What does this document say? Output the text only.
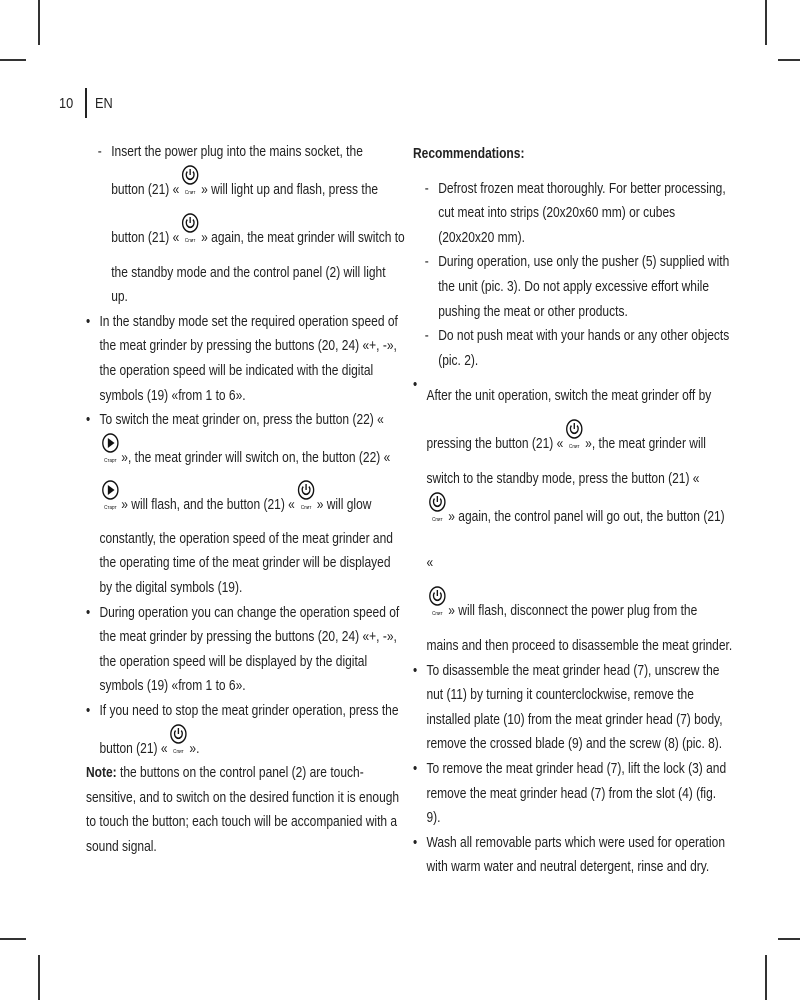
10 EN
- Insert the power plug into the mains socket, the
button (21) « Спит » will light up and flash, press the
button (21) « Спит » again, the meat grinder will switch to the standby mode and the control panel (2) will light up.
• In the standby mode set the required operation speed of the meat grinder by pressing the buttons (20, 24) «+, -», the operation speed will be indicated with the digital symbols (19) «from 1 to 6».
• To switch the meat grinder on, press the button (22) «

Старт », the meat grinder will switch on, the button (22) «

Старт » will flash, and the button (21) « Спит » will glow constantly, the operation speed of the meat grinder and the operating time of the meat grinder will be displayed by the digital symbols (19).
• During operation you can change the operation speed of the meat grinder by pressing the buttons (20, 24) «+, -», the operation speed will be displayed by the digital symbols (19) «from 1 to 6».
• If you need to stop the meat grinder operation, press the button (21) « Спит ».
Note: the buttons on the control panel (2) are touch-sensitive, and to switch on the desired function it is enough to touch the button; each touch will be accompanied with a sound signal.
Recommendations:
- Defrost frozen meat thoroughly. For better processing, cut meat into strips (20x20x60 mm) or cubes (20x20x20 mm).
- During operation, use only the pusher (5) supplied with the unit (pic. 3). Do not apply excessive effort while pushing the meat or other products.
- Do not push meat with your hands or any other objects (pic. 2).
• After the unit operation, switch the meat grinder off by pressing the button (21) « Спит », the meat grinder will switch to the standby mode, press the button (21) «

Спит » again, the control panel will go out, the button (21) «

Спит » will flash, disconnect the power plug from the mains and then proceed to disassemble the meat grinder.
• To disassemble the meat grinder head (7), unscrew the nut (11) by turning it counterclockwise, remove the installed plate (10) from the meat grinder head (7) body, remove the crossed blade (9) and the screw (8) (pic. 8).
• To remove the meat grinder head (7), lift the lock (3) and remove the meat grinder head (7) from the slot (4) (fig. 9).
• Wash all removable parts which were used for operation with warm water and neutral detergent, rinse and dry.
